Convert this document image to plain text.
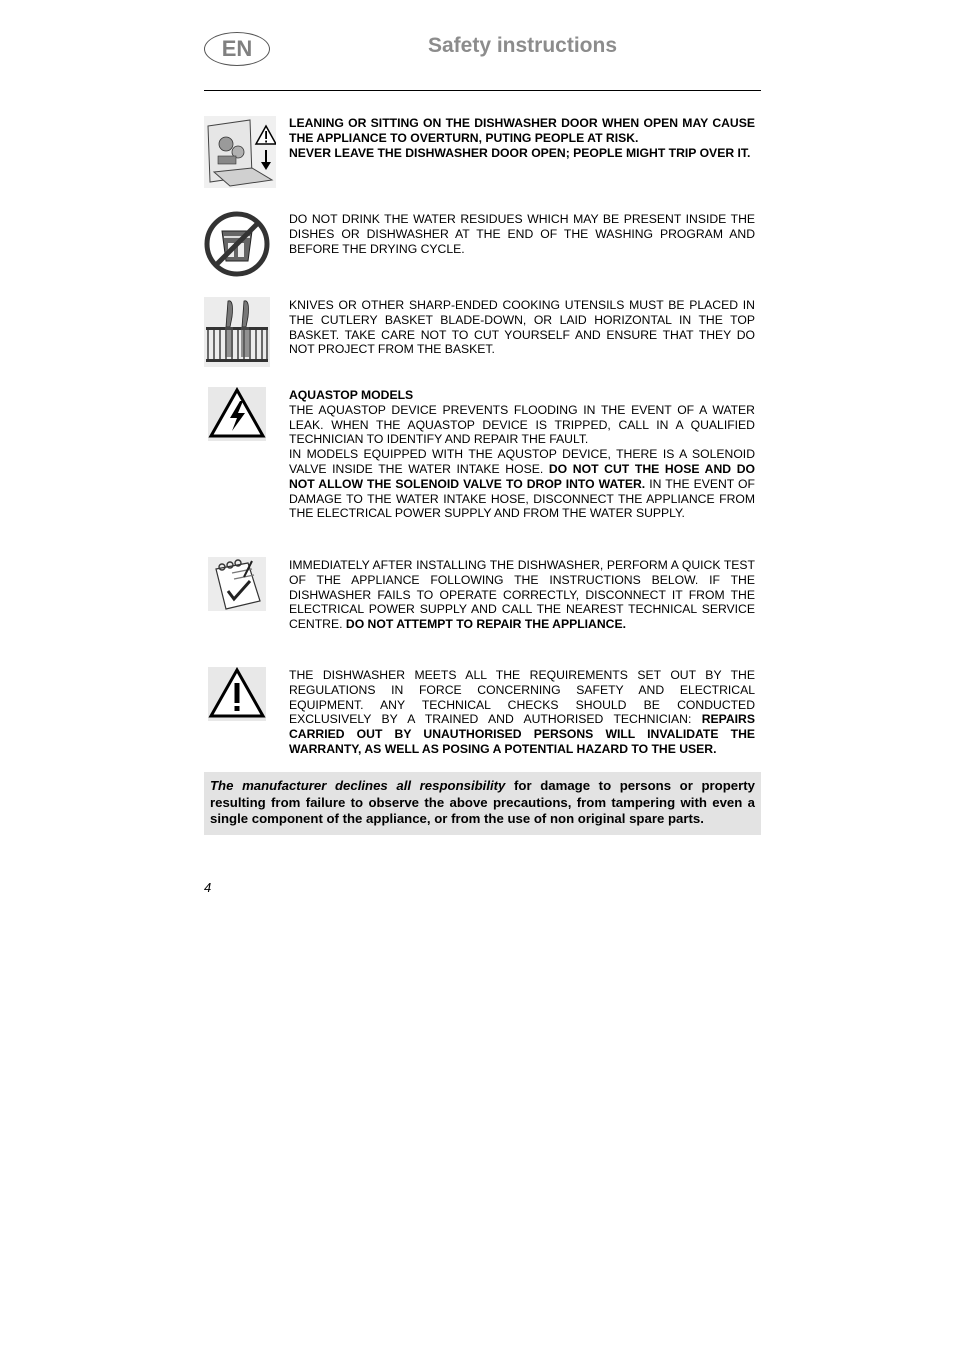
EN	Safety instructions

LEANING OR SITTING ON THE DISHWASHER DOOR WHEN OPEN MAY CAUSE THE APPLIANCE TO OVERTURN, PUTING PEOPLE AT RISK.

NEVER LEAVE THE DISHWASHER DOOR OPEN; PEOPLE MIGHT TRIP OVER IT.

DO NOT DRINK THE WATER RESIDUES WHICH MAY BE PRESENT INSIDE THE DISHES OR DISHWASHER AT THE END OF THE WASHING PROGRAM AND BEFORE THE DRYING CYCLE.

KNIVES OR OTHER SHARP-ENDED COOKING UTENSILS MUST BE PLACED IN THE CUTLERY BASKET BLADE-DOWN, OR LAID HORIZONTAL IN THE TOP BASKET. TAKE CARE NOT TO CUT YOURSELF AND ENSURE THAT THEY DO NOT PROJECT FROM THE BASKET.

AQUASTOP MODELS

THE AQUASTOP DEVICE PREVENTS FLOODING IN THE EVENT OF A WATER LEAK. WHEN THE AQUASTOP DEVICE IS TRIPPED, CALL IN A QUALIFIED TECHNICIAN TO IDENTIFY AND REPAIR THE FAULT.

IN MODELS EQUIPPED WITH THE AQUSTOP DEVICE, THERE IS A SOLENOID VALVE INSIDE THE WATER INTAKE HOSE. DO NOT CUT THE HOSE AND DO NOT ALLOW THE SOLENOID VALVE TO DROP INTO WATER. IN THE EVENT OF DAMAGE TO THE WATER INTAKE HOSE, DISCONNECT THE APPLIANCE FROM THE ELECTRICAL POWER SUPPLY AND FROM THE WATER SUPPLY.

IMMEDIATELY AFTER INSTALLING THE DISHWASHER, PERFORM A QUICK TEST OF THE APPLIANCE FOLLOWING THE INSTRUCTIONS BELOW. IF THE DISHWASHER FAILS TO OPERATE CORRECTLY, DISCONNECT IT FROM THE ELECTRICAL POWER SUPPLY AND CALL THE NEAREST TECHNICAL SERVICE CENTRE. DO NOT ATTEMPT TO REPAIR THE APPLIANCE.

THE DISHWASHER MEETS ALL THE REQUIREMENTS SET OUT BY THE REGULATIONS IN FORCE CONCERNING SAFETY AND ELECTRICAL EQUIPMENT. ANY TECHNICAL CHECKS SHOULD BE CONDUCTED EXCLUSIVELY BY A TRAINED AND AUTHORISED TECHNICIAN: REPAIRS CARRIED OUT BY UNAUTHORISED PERSONS WILL INVALIDATE THE WARRANTY, AS WELL AS POSING A POTENTIAL HAZARD TO THE USER.

The manufacturer declines all responsibility for damage to persons or property resulting from failure to observe the above precautions, from tampering with even a single component of the appliance, or from the use of non original spare parts.
4
